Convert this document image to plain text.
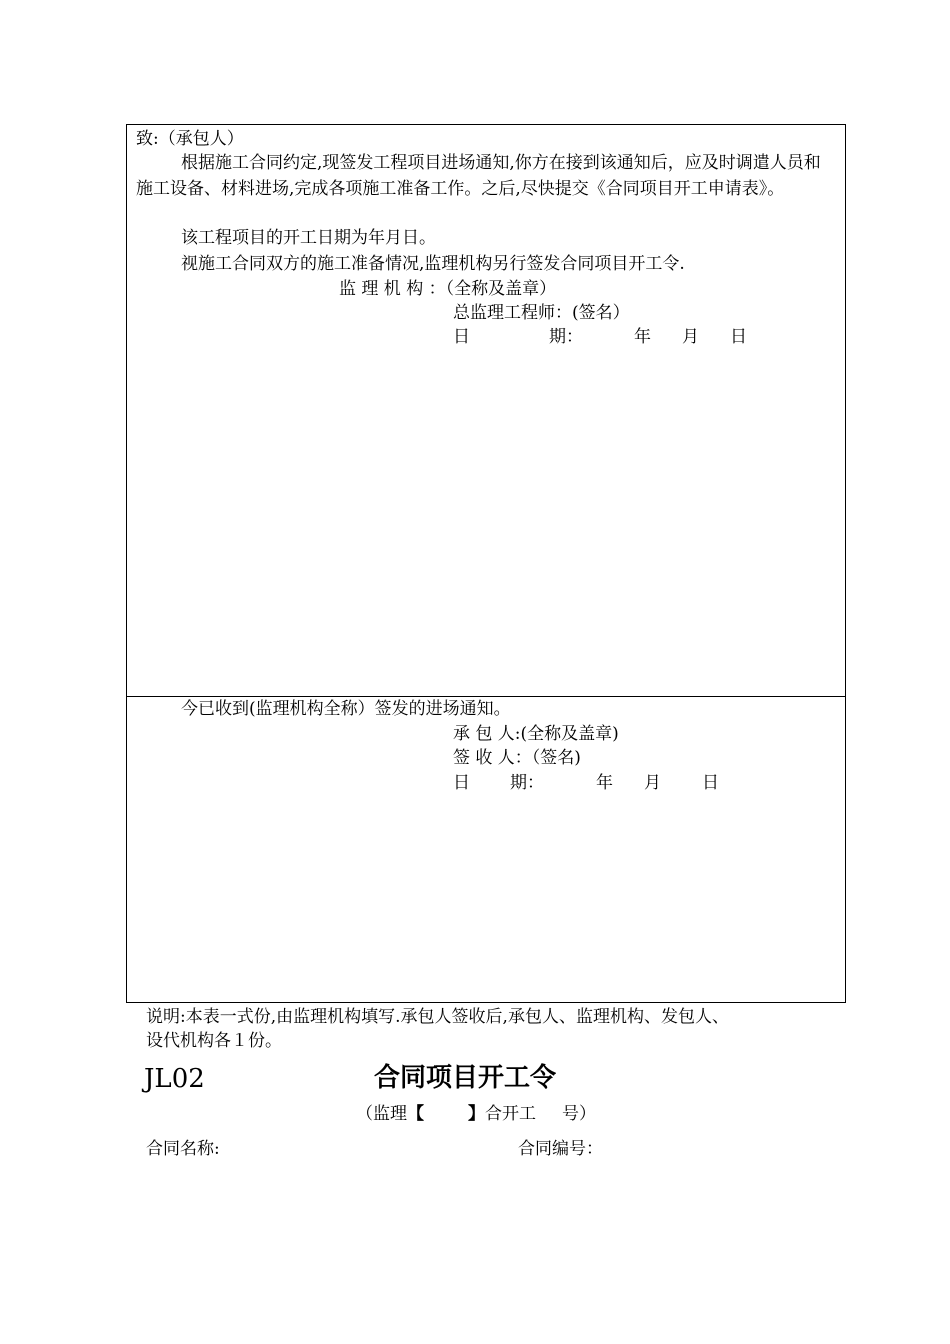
致:（承包人）
根据施工合同约定,现签发工程项目进场通知,你方在接到该通知后，应及时调遣人员和施工设备、材料进场,完成各项施工准备工作。之后,尽快提交《合同项目开工申请表》。
该工程项目的开工日期为年月日。
视施工合同双方的施工准备情况,监理机构另行签发合同项目开工令.
监 理 机 构 ：（全称及盖章）
总监理工程师：(签名）
日	期：	年 月 日
今已收到(监理机构全称）签发的进场通知。
承 包 人:(全称及盖章)
签 收 人：（签名)
日 期：	年 月 日
说明:本表一式份,由监理机构填写.承包人签收后,承包人、监理机构、发包人、
设代机构各１份。
JL02	合同项目开工令
（监理【	】合开工 号）
合同名称:	合同编号：
